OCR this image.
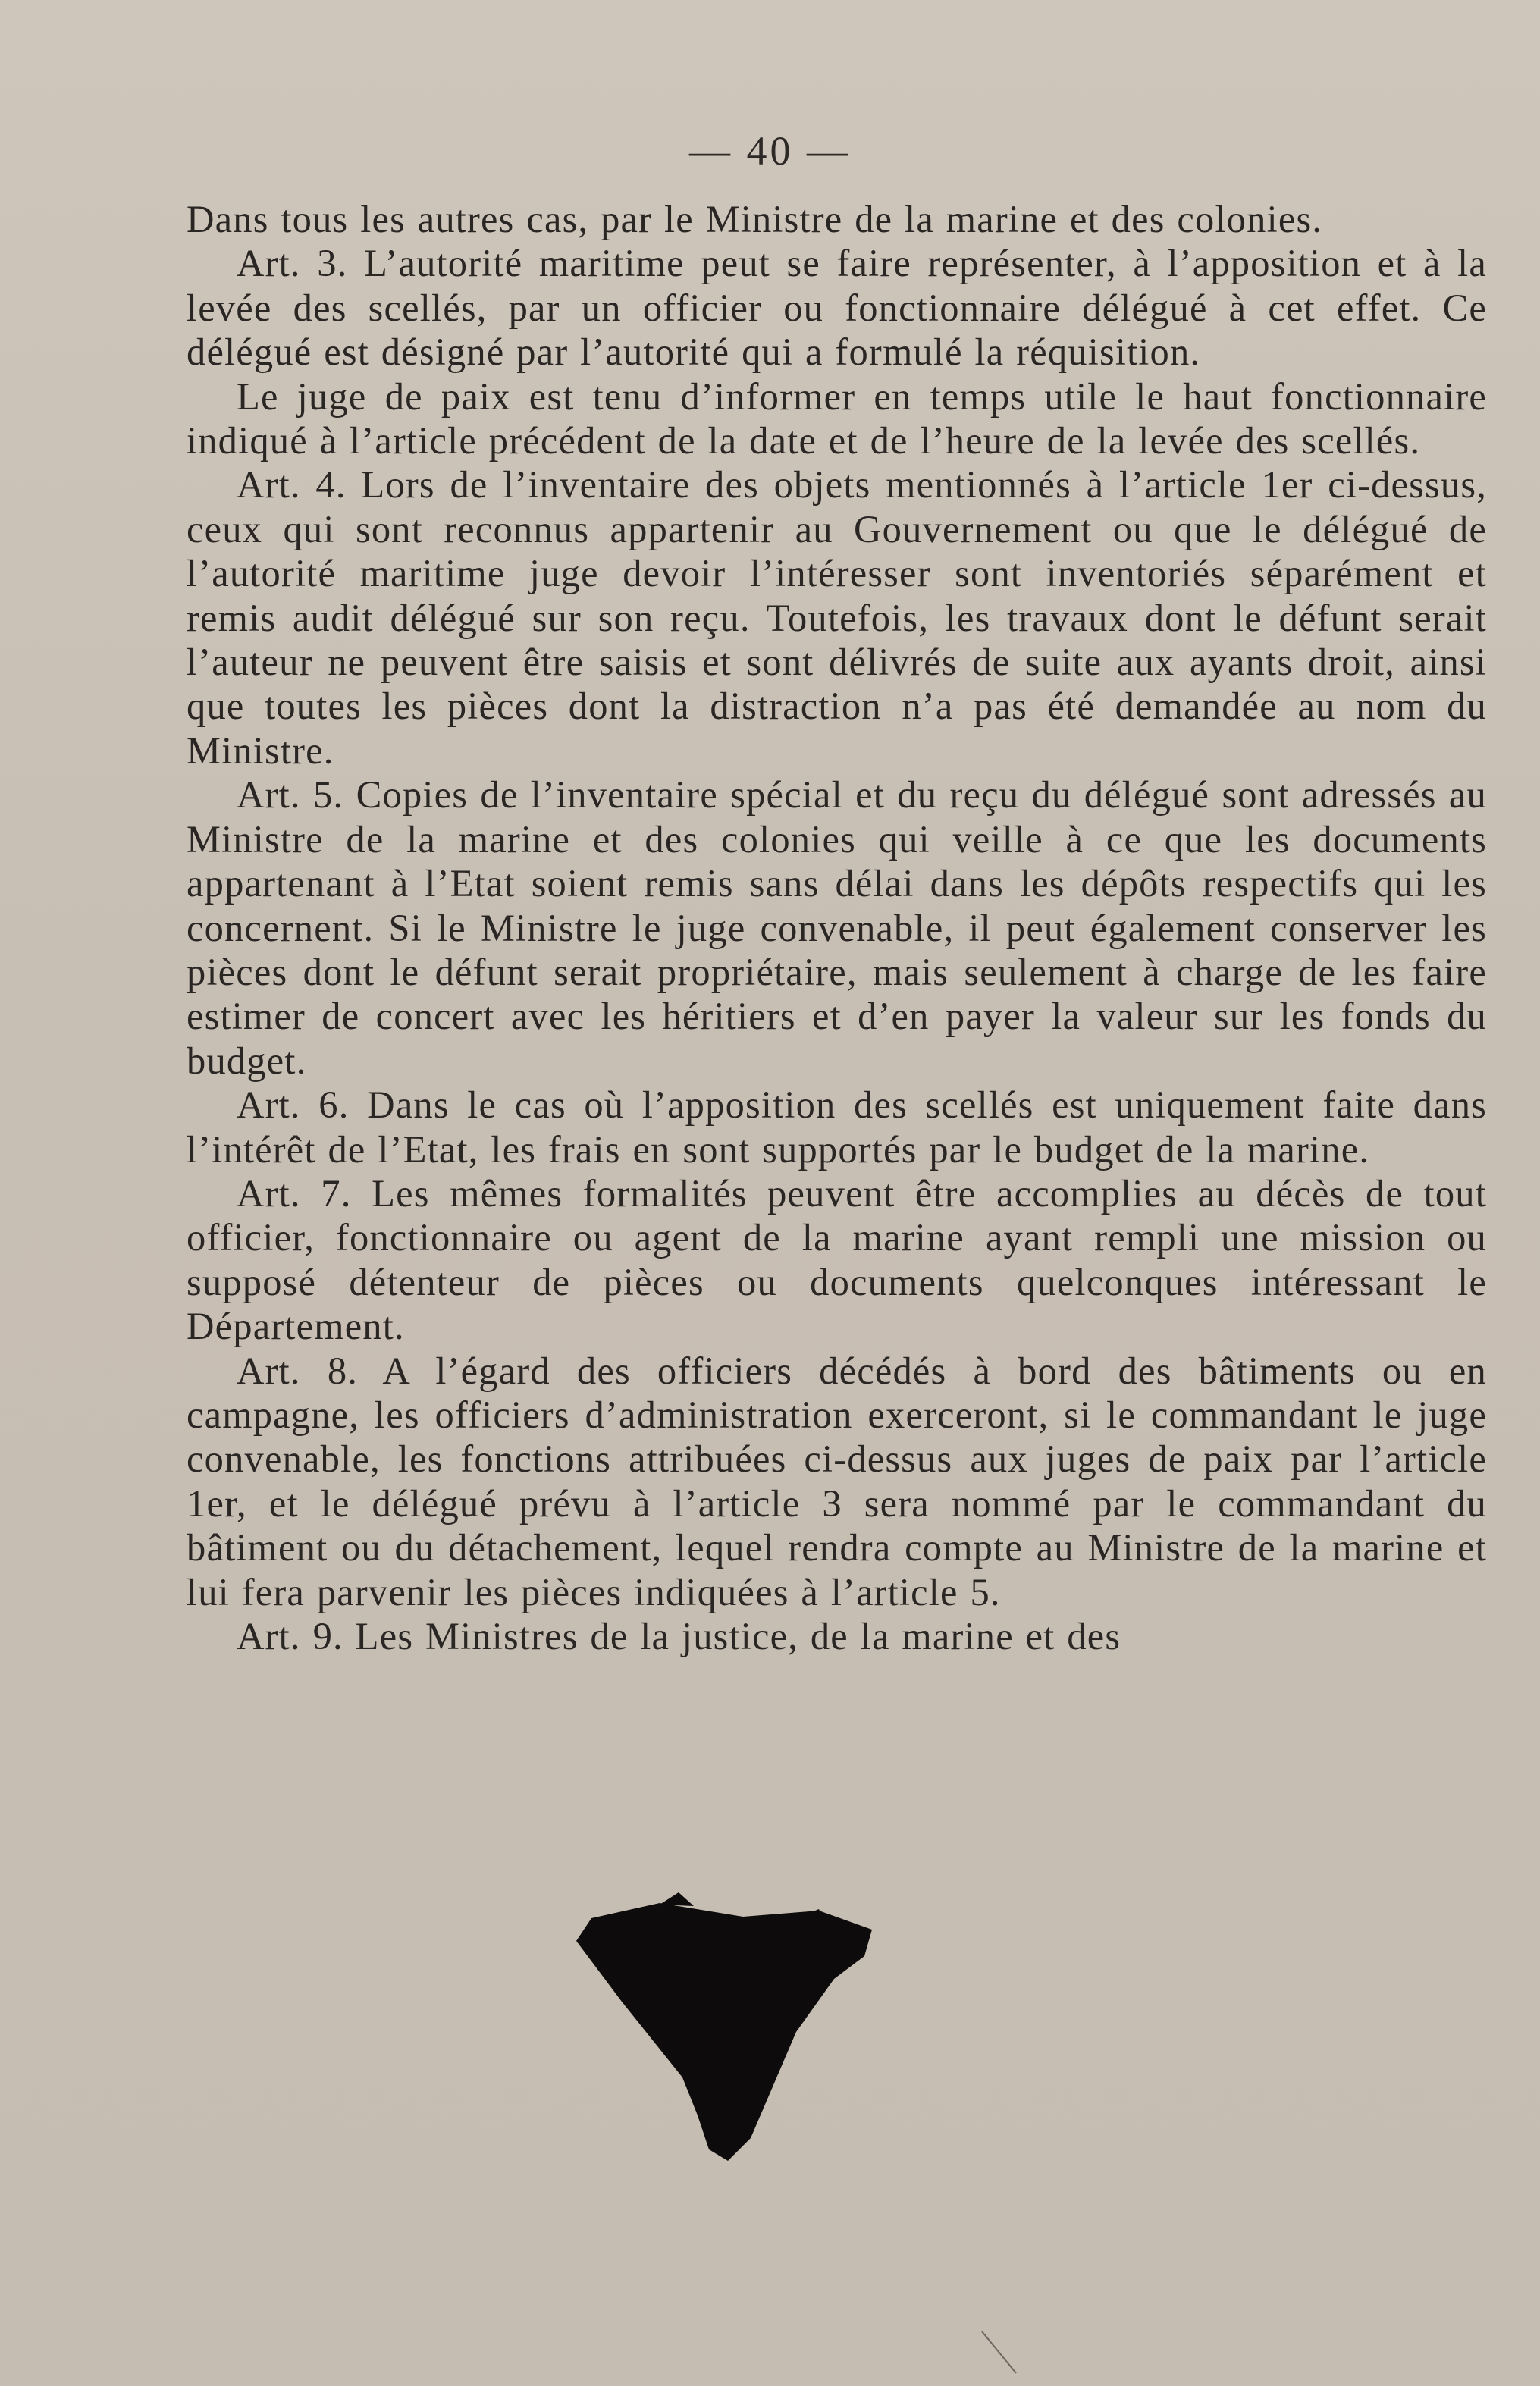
— 40 —

Dans tous les autres cas, par le Ministre de la marine et des colonies.

Art. 3. L’autorité maritime peut se faire représenter, à l’apposition et à la levée des scellés, par un officier ou fonctionnaire délégué à cet effet. Ce délégué est désigné par l’autorité qui a formulé la réquisition.

Le juge de paix est tenu d’informer en temps utile le haut fonctionnaire indiqué à l’article précédent de la date et de l’heure de la levée des scellés.

Art. 4. Lors de l’inventaire des objets mentionnés à l’article 1er ci-dessus, ceux qui sont reconnus appartenir au Gouvernement ou que le délégué de l’autorité maritime juge devoir l’intéresser sont inventoriés séparément et remis audit délégué sur son reçu. Toutefois, les travaux dont le défunt serait l’auteur ne peuvent être saisis et sont délivrés de suite aux ayants droit, ainsi que toutes les pièces dont la distraction n’a pas été demandée au nom du Ministre.

Art. 5. Copies de l’inventaire spécial et du reçu du délégué sont adressés au Ministre de la marine et des colonies qui veille à ce que les documents appartenant à l’Etat soient remis sans délai dans les dépôts respectifs qui les concernent. Si le Ministre le juge convenable, il peut également conserver les pièces dont le défunt serait propriétaire, mais seulement à charge de les faire estimer de concert avec les héritiers et d’en payer la valeur sur les fonds du budget.

Art. 6. Dans le cas où l’apposition des scellés est uniquement faite dans l’intérêt de l’Etat, les frais en sont supportés par le budget de la marine.

Art. 7. Les mêmes formalités peuvent être accomplies au décès de tout officier, fonctionnaire ou agent de la marine ayant rempli une mission ou supposé détenteur de pièces ou documents quelconques intéressant le Département.

Art. 8. A l’égard des officiers décédés à bord des bâtiments ou en campagne, les officiers d’administration exerceront, si le commandant le juge convenable, les fonctions attribuées ci-dessus aux juges de paix par l’article 1er, et le délégué prévu à l’article 3 sera nommé par le commandant du bâtiment ou du détachement, lequel rendra compte au Ministre de la marine et lui fera parvenir les pièces indiquées à l’article 5.

Art. 9. Les Ministres de la justice, de la marine et des
